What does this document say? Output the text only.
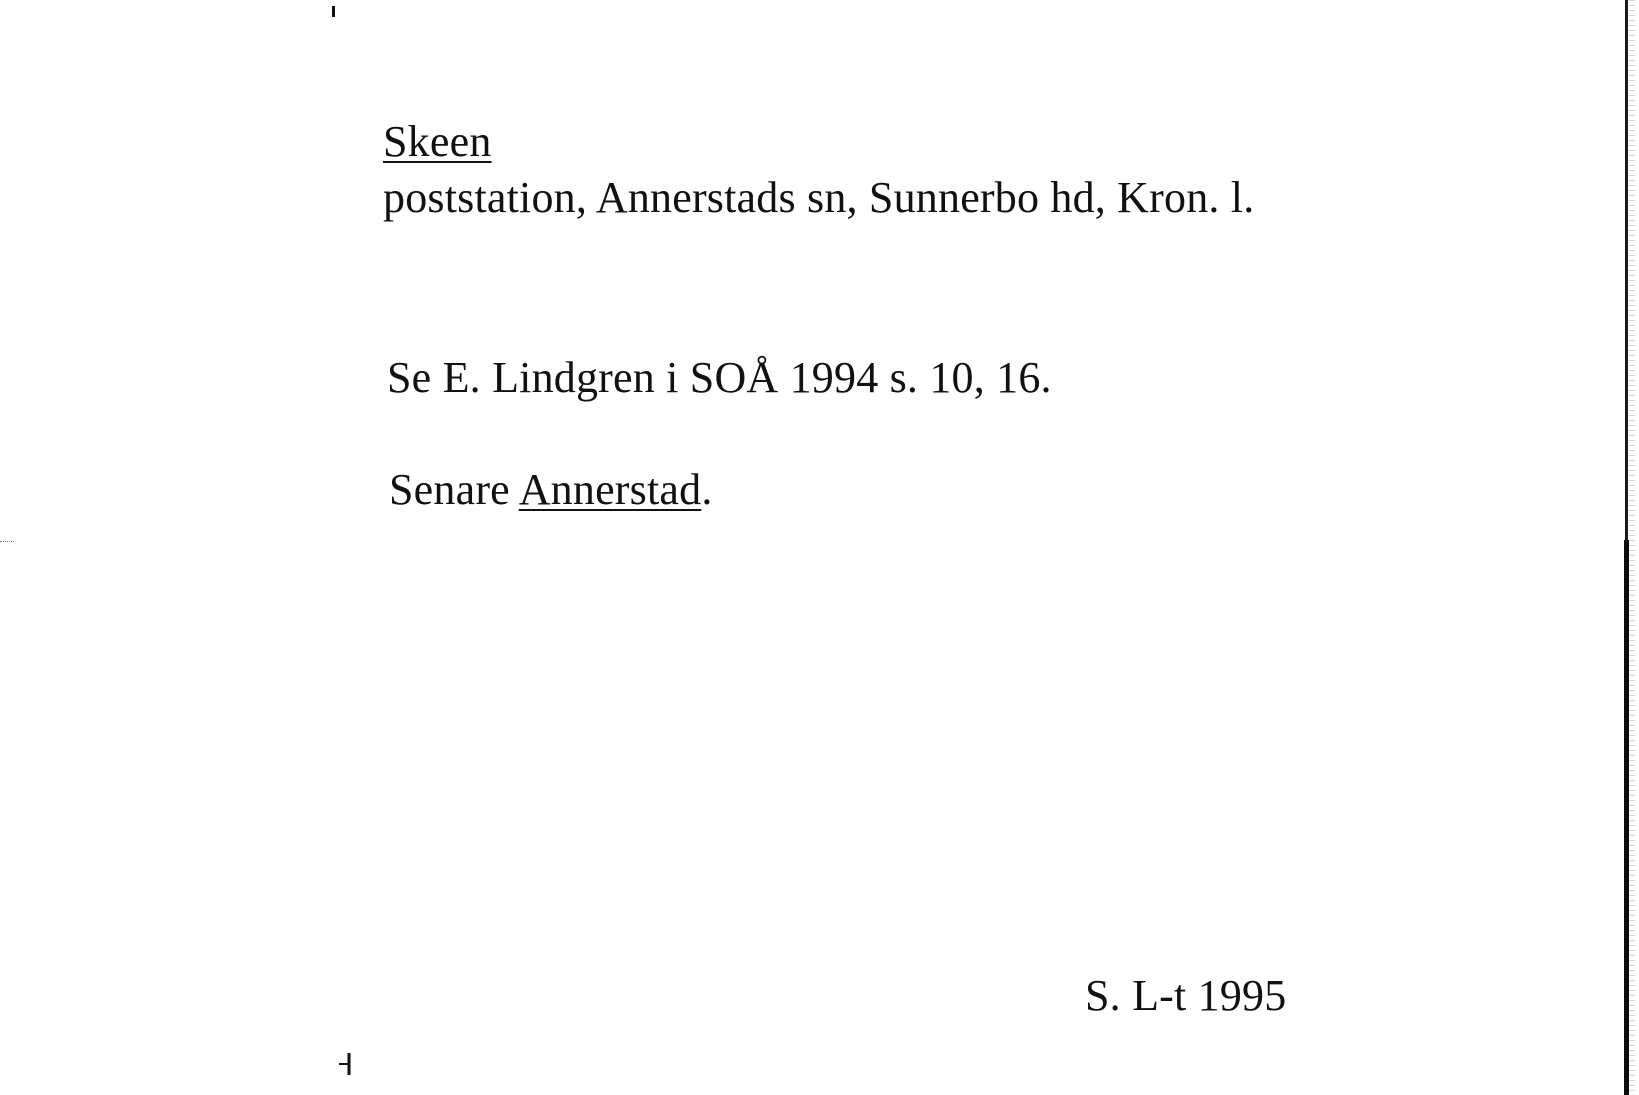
Skeen
poststation, Annerstads sn, Sunnerbo hd, Kron. l.
Se E. Lindgren i SOÅ 1994 s. 10, 16.
Senare Annerstad.
S. L-t 1995
